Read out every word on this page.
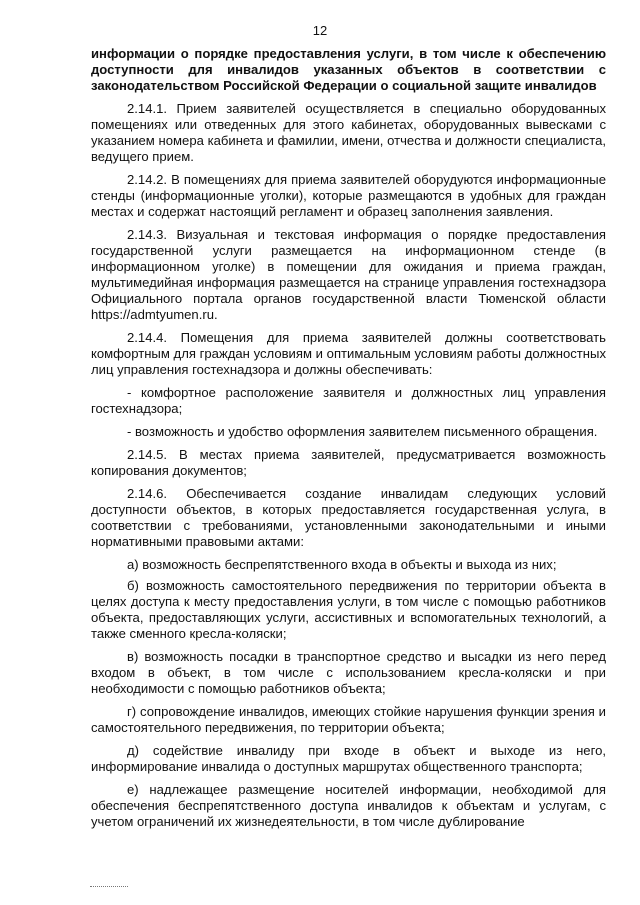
12

информации о порядке предоставления услуги, в том числе к обеспечению доступности для инвалидов указанных объектов в соответствии с законодательством Российской Федерации о социальной защите инвалидов

2.14.1. Прием заявителей осуществляется в специально оборудованных помещениях или отведенных для этого кабинетах, оборудованных вывесками с указанием номера кабинета и фамилии, имени, отчества и должности специалиста, ведущего прием.

2.14.2. В помещениях для приема заявителей оборудуются информационные стенды (информационные уголки), которые размещаются в удобных для граждан местах и содержат настоящий регламент и образец заполнения заявления.

2.14.3. Визуальная и текстовая информация о порядке предоставления государственной услуги размещается на информационном стенде (в информационном уголке) в помещении для ожидания и приема граждан, мультимедийная информация размещается на странице управления гостехнадзора Официального портала органов государственной власти Тюменской области https://admtyumen.ru.

2.14.4. Помещения для приема заявителей должны соответствовать комфортным для граждан условиям и оптимальным условиям работы должностных лиц управления гостехнадзора и должны обеспечивать:

- комфортное расположение заявителя и должностных лиц управления гостехнадзора;

- возможность и удобство оформления заявителем письменного обращения.

2.14.5. В местах приема заявителей, предусматривается возможность копирования документов;

2.14.6. Обеспечивается создание инвалидам следующих условий доступности объектов, в которых предоставляется государственная услуга, в соответствии с требованиями, установленными законодательными и иными нормативными правовыми актами:

а) возможность беспрепятственного входа в объекты и выхода из них;

б) возможность самостоятельного передвижения по территории объекта в целях доступа к месту предоставления услуги, в том числе с помощью работников объекта, предоставляющих услуги, ассистивных и вспомогательных технологий, а также сменного кресла-коляски;

в) возможность посадки в транспортное средство и высадки из него перед входом в объект, в том числе с использованием кресла-коляски и при необходимости с помощью работников объекта;

г) сопровождение инвалидов, имеющих стойкие нарушения функции зрения и самостоятельного передвижения, по территории объекта;

д) содействие инвалиду при входе в объект и выходе из него, информирование инвалида о доступных маршрутах общественного транспорта;

е) надлежащее размещение носителей информации, необходимой для обеспечения беспрепятственного доступа инвалидов к объектам и услугам, с учетом ограничений их жизнедеятельности, в том числе дублирование
